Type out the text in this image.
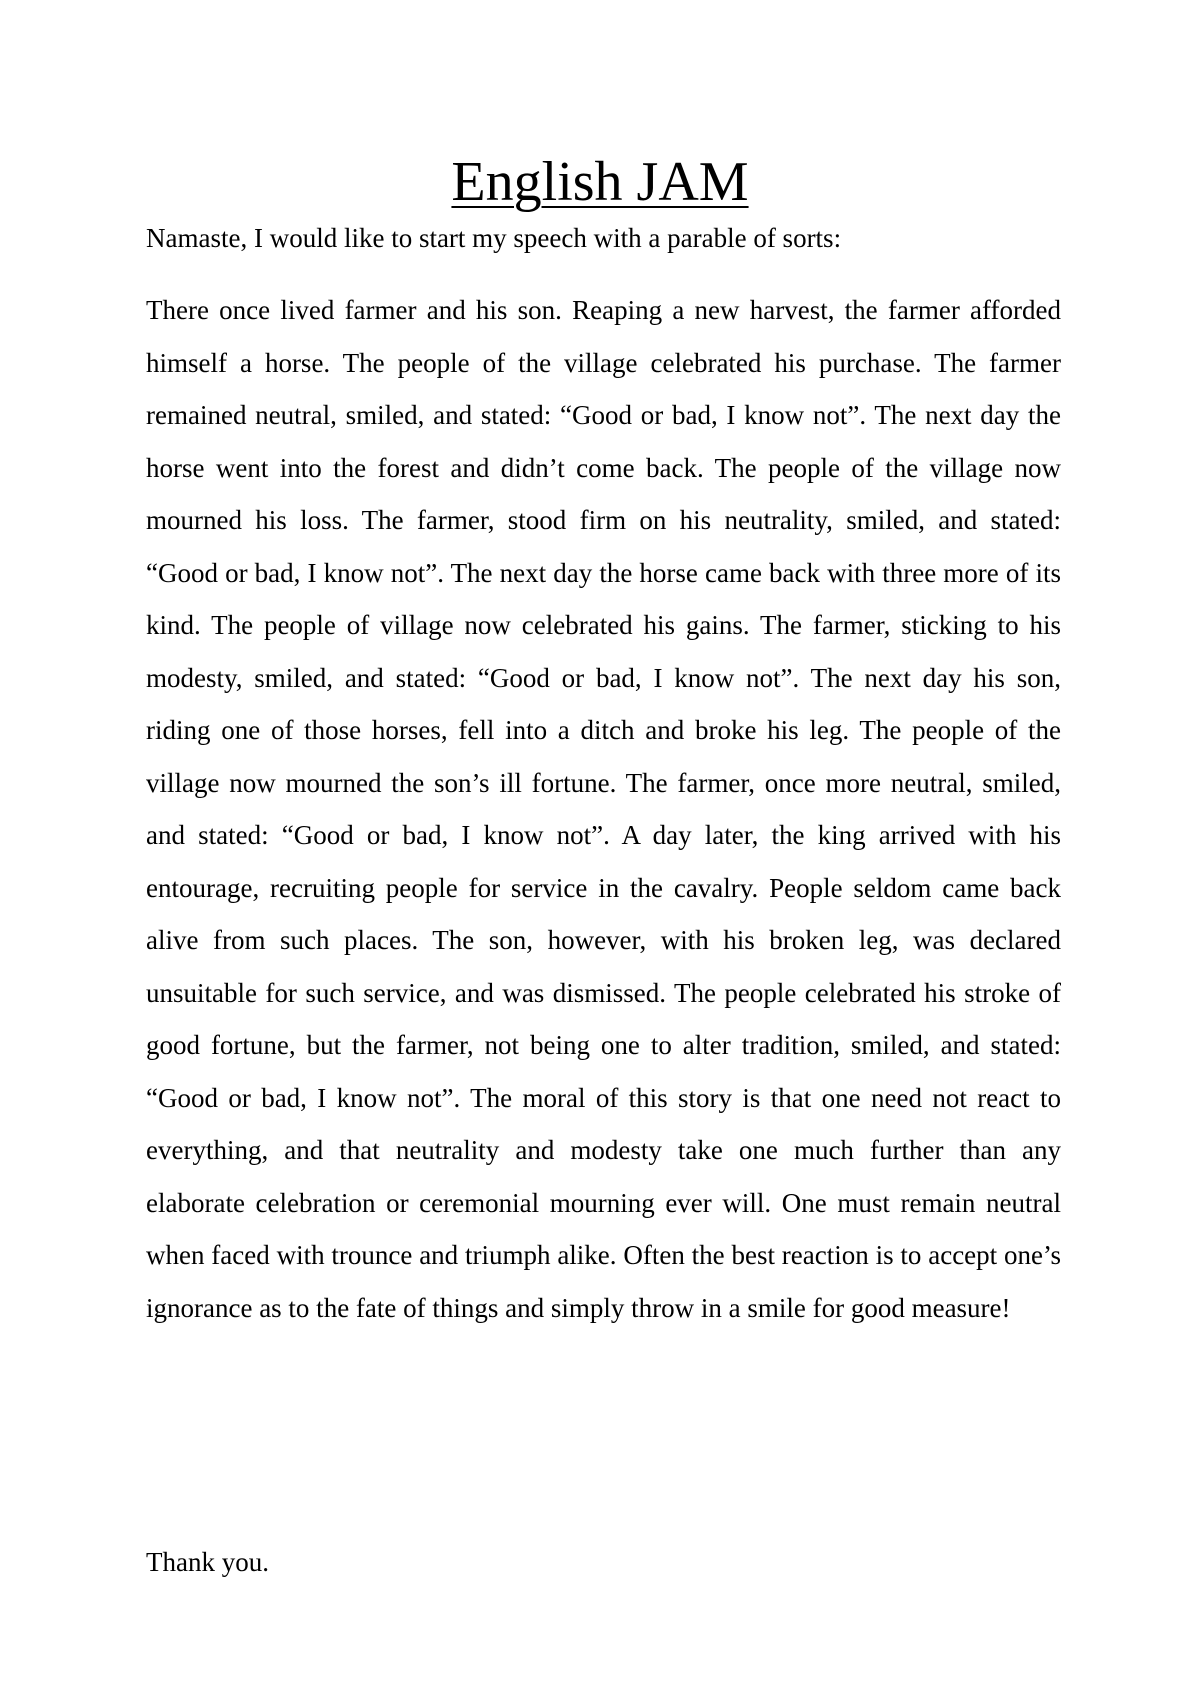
English JAM

Namaste, I would like to start my speech with a parable of sorts:

There once lived farmer and his son. Reaping a new harvest, the farmer afforded himself a horse. The people of the village celebrated his purchase. The farmer remained neutral, smiled, and stated: “Good or bad, I know not”. The next day the horse went into the forest and didn’t come back. The people of the village now mourned his loss. The farmer, stood firm on his neutrality, smiled, and stated: “Good or bad, I know not”. The next day the horse came back with three more of its kind. The people of village now celebrated his gains. The farmer, sticking to his modesty, smiled, and stated: “Good or bad, I know not”. The next day his son, riding one of those horses, fell into a ditch and broke his leg. The people of the village now mourned the son’s ill fortune. The farmer, once more neutral, smiled, and stated: “Good or bad, I know not”. A day later, the king arrived with his entourage, recruiting people for service in the cavalry. People seldom came back alive from such places. The son, however, with his broken leg, was declared unsuitable for such service, and was dismissed. The people celebrated his stroke of good fortune, but the farmer, not being one to alter tradition, smiled, and stated: “Good or bad, I know not”. The moral of this story is that one need not react to everything, and that neutrality and modesty take one much further than any elaborate celebration or ceremonial mourning ever will. One must remain neutral when faced with trounce and triumph alike. Often the best reaction is to accept one’s ignorance as to the fate of things and simply throw in a smile for good measure!

Thank you.
